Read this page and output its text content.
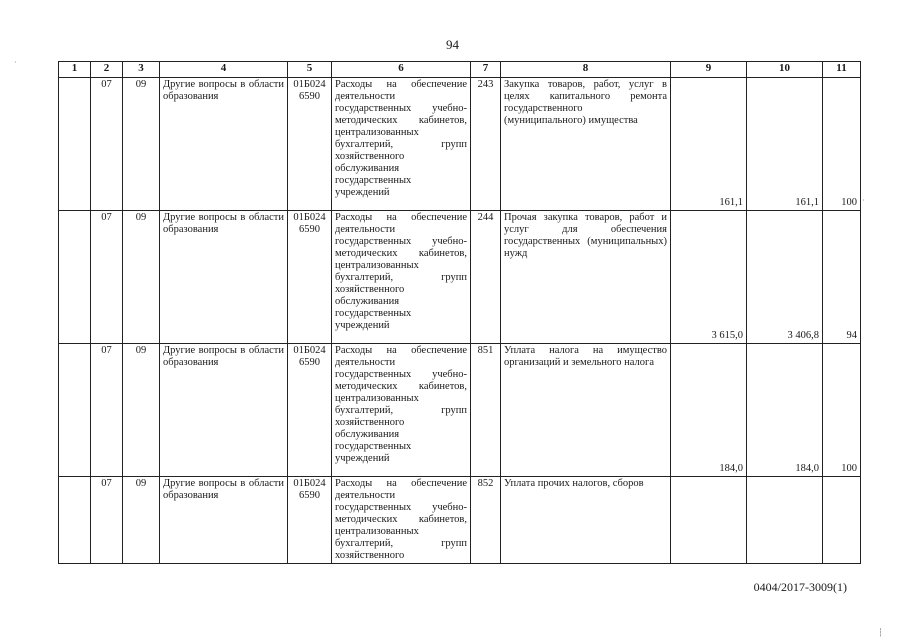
94
1	2	3	4	5	6	7	8	9	10	11
	07	09	Другие вопросы в области образования	01Б024 6590	Расходы на обеспечение деятельности государственных учебно-методических кабинетов, централизованных бухгалтерий, групп хозяйственного обслуживания государственных учреждений	243	Закупка товаров, работ, услуг в целях капитального ремонта государственного (муниципального) имущества	161,1	161,1	100
	07	09	Другие вопросы в области образования	01Б024 6590	Расходы на обеспечение деятельности государственных учебно-методических кабинетов, централизованных бухгалтерий, групп хозяйственного обслуживания государственных учреждений	244	Прочая закупка товаров, работ и услуг для обеспечения государственных (муниципальных) нужд	3 615,0	3 406,8	94
	07	09	Другие вопросы в области образования	01Б024 6590	Расходы на обеспечение деятельности государственных учебно-методических кабинетов, централизованных бухгалтерий, групп хозяйственного обслуживания государственных учреждений	851	Уплата налога на имущество организаций и земельного налога	184,0	184,0	100
	07	09	Другие вопросы в области образования	01Б024 6590	Расходы на обеспечение деятельности государственных учебно-методических кабинетов, централизованных бухгалтерий, групп хозяйственного	852	Уплата прочих налогов, сборов			
0404/2017-3009(1)
·
·
┆
